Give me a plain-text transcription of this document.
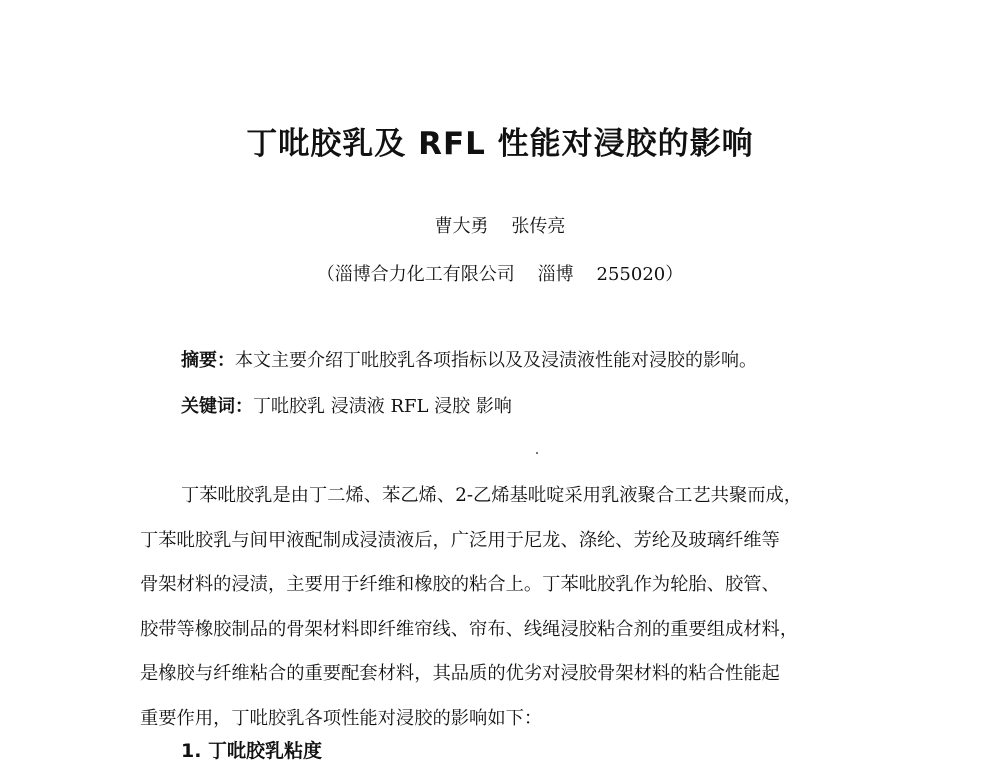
丁吡胶乳及 RFL 性能对浸胶的影响
曹大勇    张传亮
（淄博合力化工有限公司    淄博    255020）
摘要：本文主要介绍丁吡胶乳各项指标以及及浸渍液性能对浸胶的影响。
关键词：丁吡胶乳 浸渍液 RFL 浸胶 影响
丁苯吡胶乳是由丁二烯、苯乙烯、2-乙烯基吡啶采用乳液聚合工艺共聚而成，
丁苯吡胶乳与间甲液配制成浸渍液后，广泛用于尼龙、涤纶、芳纶及玻璃纤维等
骨架材料的浸渍，主要用于纤维和橡胶的粘合上。丁苯吡胶乳作为轮胎、胶管、
胶带等橡胶制品的骨架材料即纤维帘线、帘布、线绳浸胶粘合剂的重要组成材料，
是橡胶与纤维粘合的重要配套材料，其品质的优劣对浸胶骨架材料的粘合性能起
重要作用，丁吡胶乳各项性能对浸胶的影响如下：
1. 丁吡胶乳粘度
